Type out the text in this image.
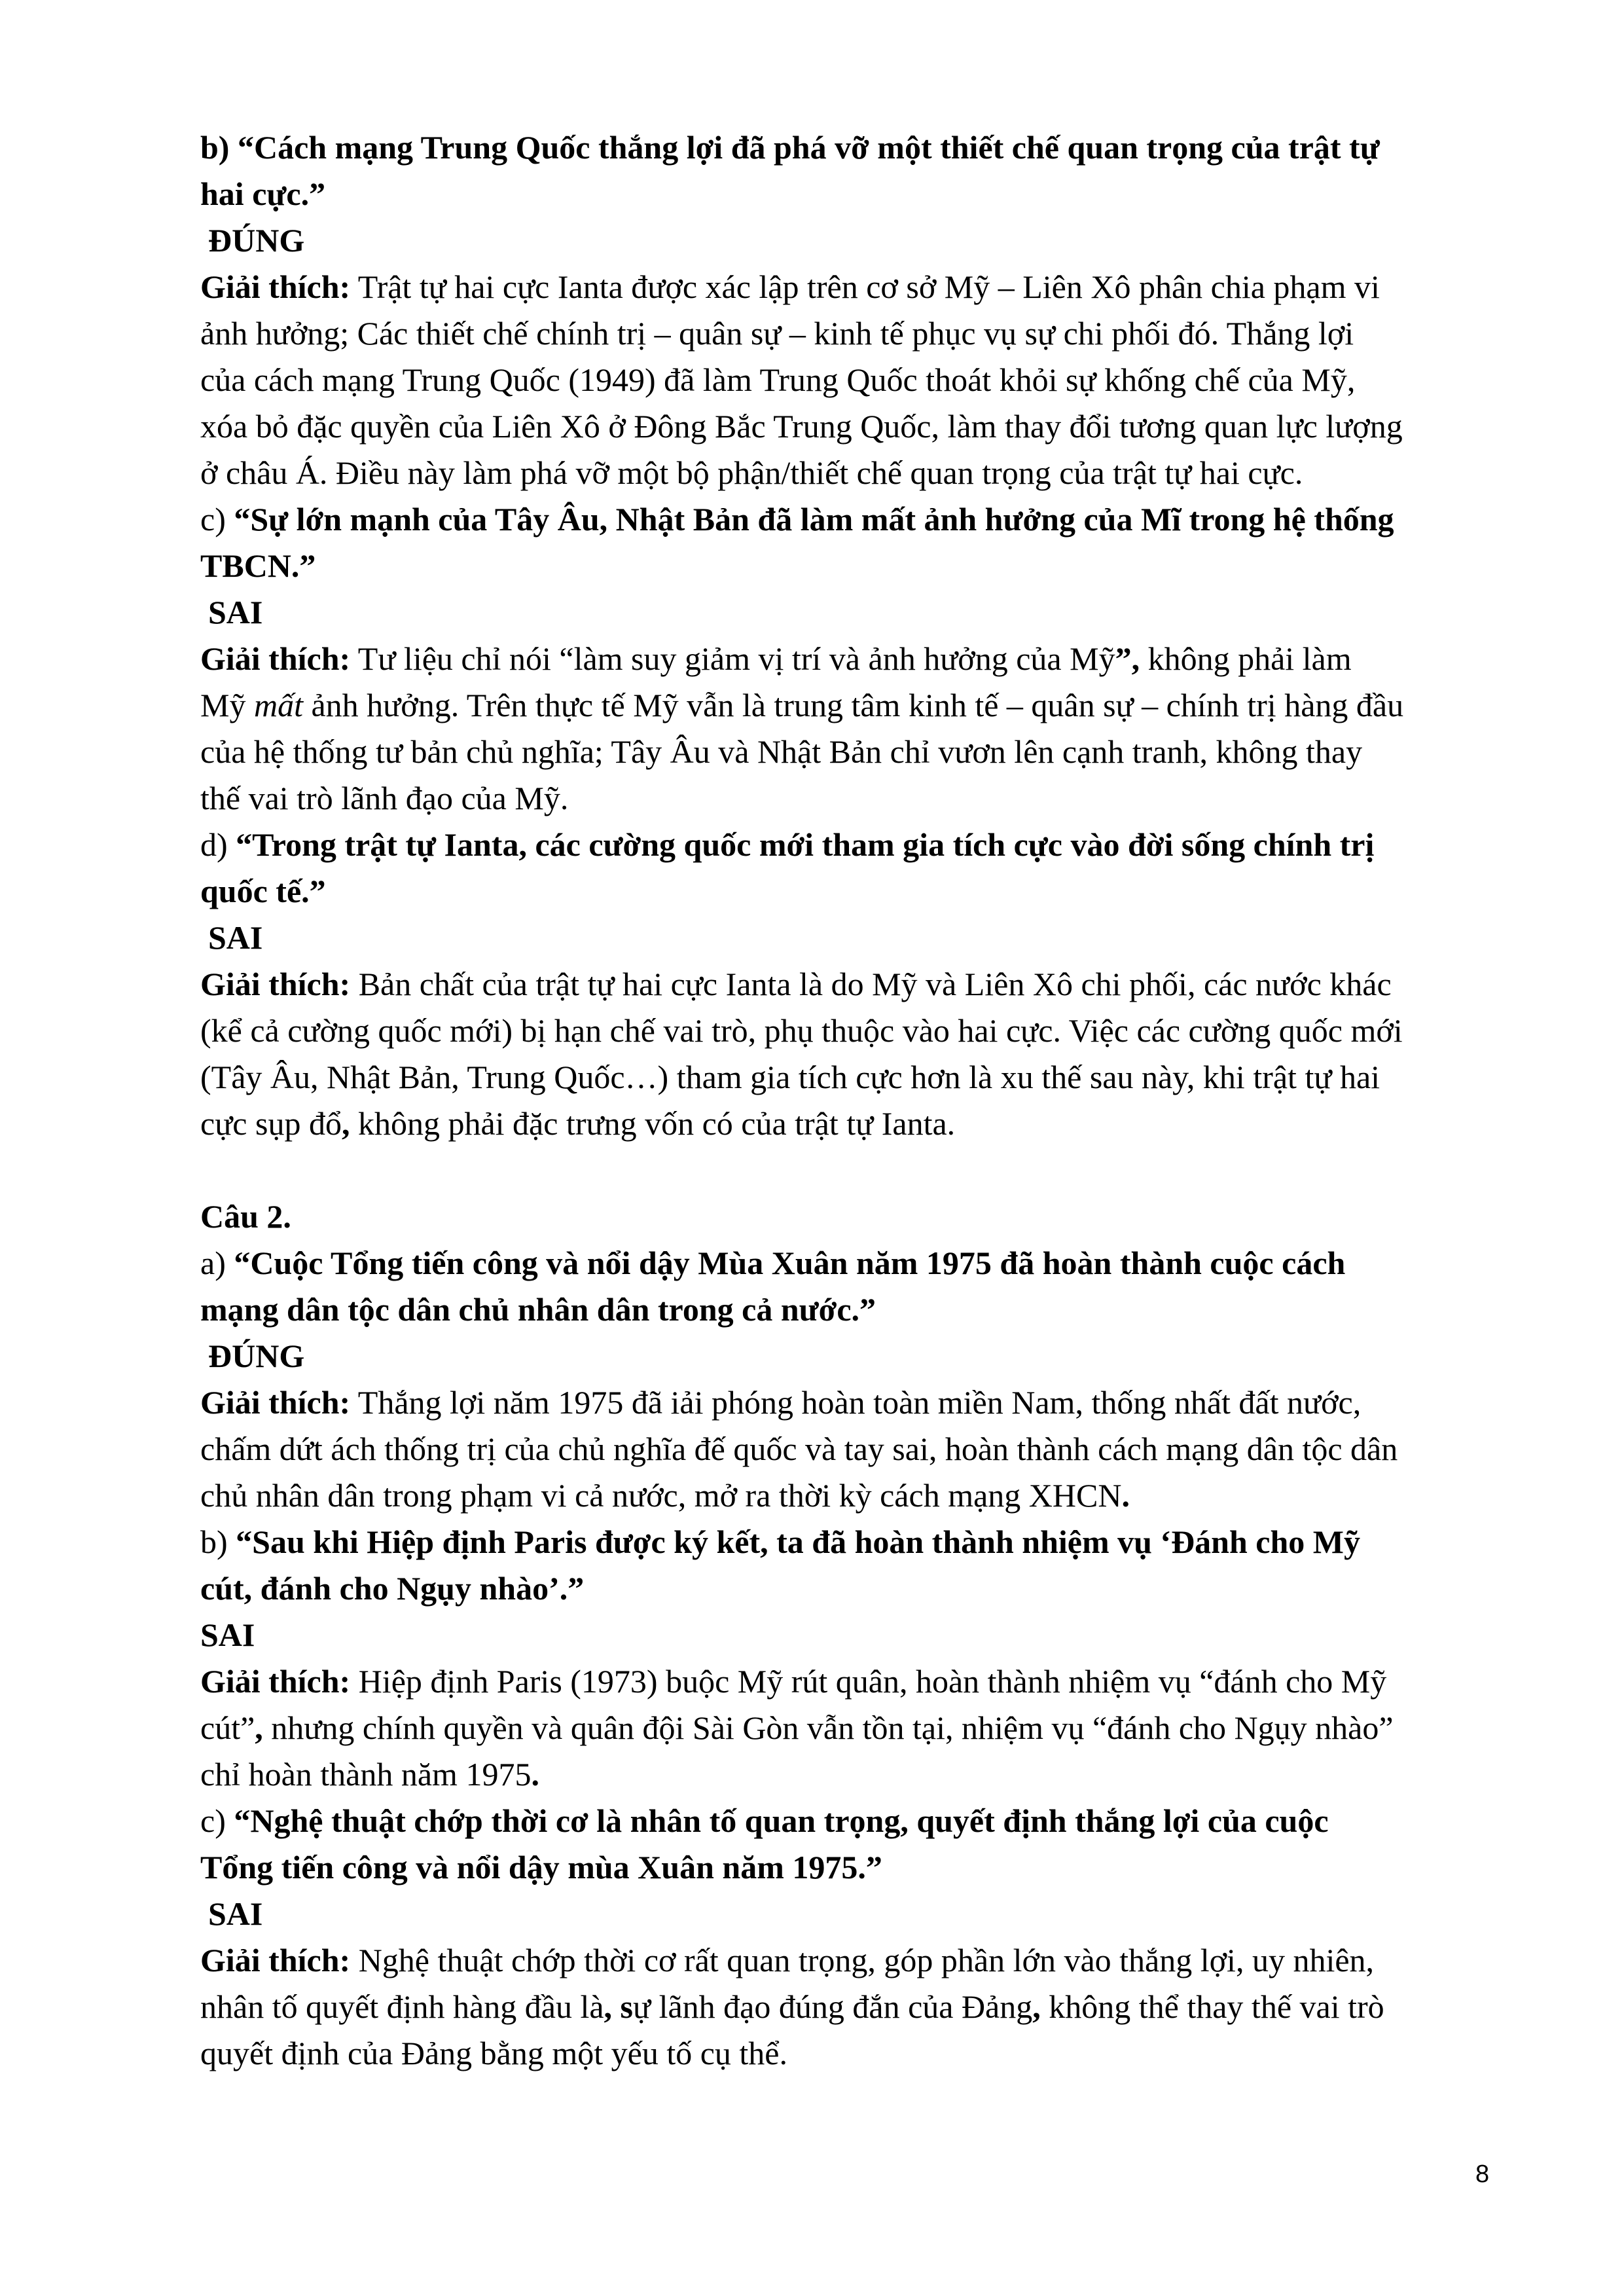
b) “Cách mạng Trung Quốc thắng lợi đã phá vỡ một thiết chế quan trọng của trật tự

hai cực.”

ĐÚNG

Giải thích: Trật tự hai cực Ianta được xác lập trên cơ sở Mỹ – Liên Xô phân chia phạm vi

ảnh hưởng; Các thiết chế chính trị – quân sự – kinh tế phục vụ sự chi phối đó. Thắng lợi

của cách mạng Trung Quốc (1949) đã làm Trung Quốc thoát khỏi sự khống chế của Mỹ,

xóa bỏ đặc quyền của Liên Xô ở Đông Bắc Trung Quốc, làm thay đổi tương quan lực lượng

ở châu Á. Điều này làm phá vỡ một bộ phận/thiết chế quan trọng của trật tự hai cực.

c) “Sự lớn mạnh của Tây Âu, Nhật Bản đã làm mất ảnh hưởng của Mĩ trong hệ thống

TBCN.”

SAI

Giải thích: Tư liệu chỉ nói “làm suy giảm vị trí và ảnh hưởng của Mỹ”, không phải làm

Mỹ mất ảnh hưởng. Trên thực tế Mỹ vẫn là trung tâm kinh tế – quân sự – chính trị hàng đầu

của hệ thống tư bản chủ nghĩa; Tây Âu và Nhật Bản chỉ vươn lên cạnh tranh, không thay

thế vai trò lãnh đạo của Mỹ.

d) “Trong trật tự Ianta, các cường quốc mới tham gia tích cực vào đời sống chính trị

quốc tế.”

SAI

Giải thích: Bản chất của trật tự hai cực Ianta là do Mỹ và Liên Xô chi phối, các nước khác

(kể cả cường quốc mới) bị hạn chế vai trò, phụ thuộc vào hai cực. Việc các cường quốc mới

(Tây Âu, Nhật Bản, Trung Quốc…) tham gia tích cực hơn là xu thế sau này, khi trật tự hai

cực sụp đổ, không phải đặc trưng vốn có của trật tự Ianta.

Câu 2.

a) “Cuộc Tổng tiến công và nổi dậy Mùa Xuân năm 1975 đã hoàn thành cuộc cách

mạng dân tộc dân chủ nhân dân trong cả nước.”

ĐÚNG

Giải thích: Thắng lợi năm 1975 đã iải phóng hoàn toàn miền Nam, thống nhất đất nước,

chấm dứt ách thống trị của chủ nghĩa đế quốc và tay sai, hoàn thành cách mạng dân tộc dân

chủ nhân dân trong phạm vi cả nước, mở ra thời kỳ cách mạng XHCN.

b) “Sau khi Hiệp định Paris được ký kết, ta đã hoàn thành nhiệm vụ ‘Đánh cho Mỹ

cút, đánh cho Ngụy nhào’.”

SAI

Giải thích: Hiệp định Paris (1973) buộc Mỹ rút quân, hoàn thành nhiệm vụ “đánh cho Mỹ

cút”, nhưng chính quyền và quân đội Sài Gòn vẫn tồn tại, nhiệm vụ “đánh cho Ngụy nhào”

chỉ hoàn thành năm 1975.

c) “Nghệ thuật chớp thời cơ là nhân tố quan trọng, quyết định thắng lợi của cuộc

Tổng tiến công và nổi dậy mùa Xuân năm 1975.”

SAI

Giải thích: Nghệ thuật chớp thời cơ rất quan trọng, góp phần lớn vào thắng lợi, uy nhiên,

nhân tố quyết định hàng đầu là, sự lãnh đạo đúng đắn của Đảng, không thể thay thế vai trò

quyết định của Đảng bằng một yếu tố cụ thể.

8
